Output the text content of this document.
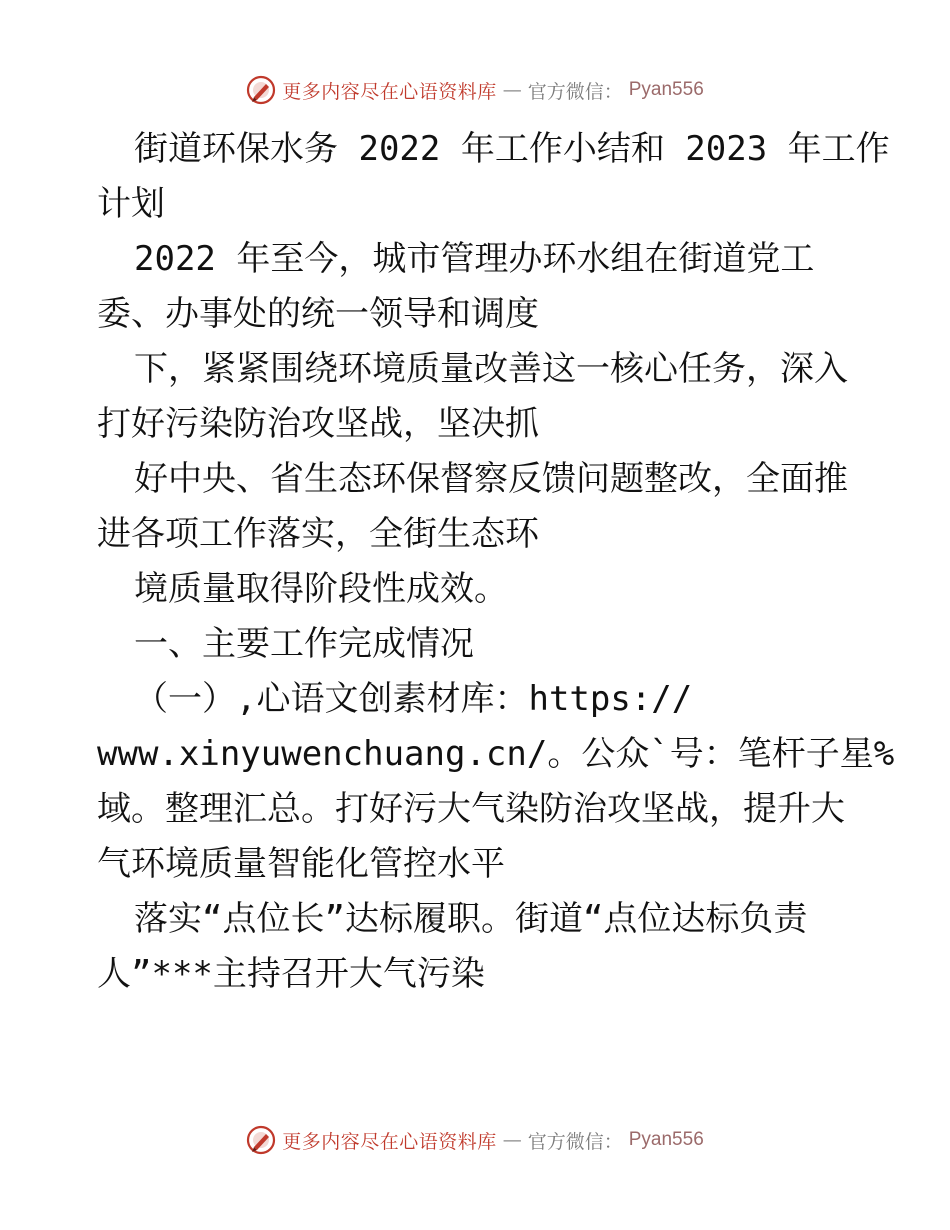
更多内容尽在心语资料库 — 官方微信： Pyan556
街道环保水务 2022 年工作小结和 2023 年工作
计划
2022 年至今，城市管理办环水组在街道党工
委、办事处的统一领导和调度
下，紧紧围绕环境质量改善这一核心任务，深入
打好污染防治攻坚战，坚决抓
好中央、省生态环保督察反馈问题整改，全面推
进各项工作落实，全街生态环
境质量取得阶段性成效。
一、主要工作完成情况
（一）,心语文创素材库：https://
www.xinyuwenchuang.cn/。公众`号：笔杆子星%
域。整理汇总。打好污大气染防治攻坚战，提升大
气环境质量智能化管控水平
落实“点位长”达标履职。街道“点位达标负责
人”***主持召开大气污染
更多内容尽在心语资料库 — 官方微信： Pyan556
